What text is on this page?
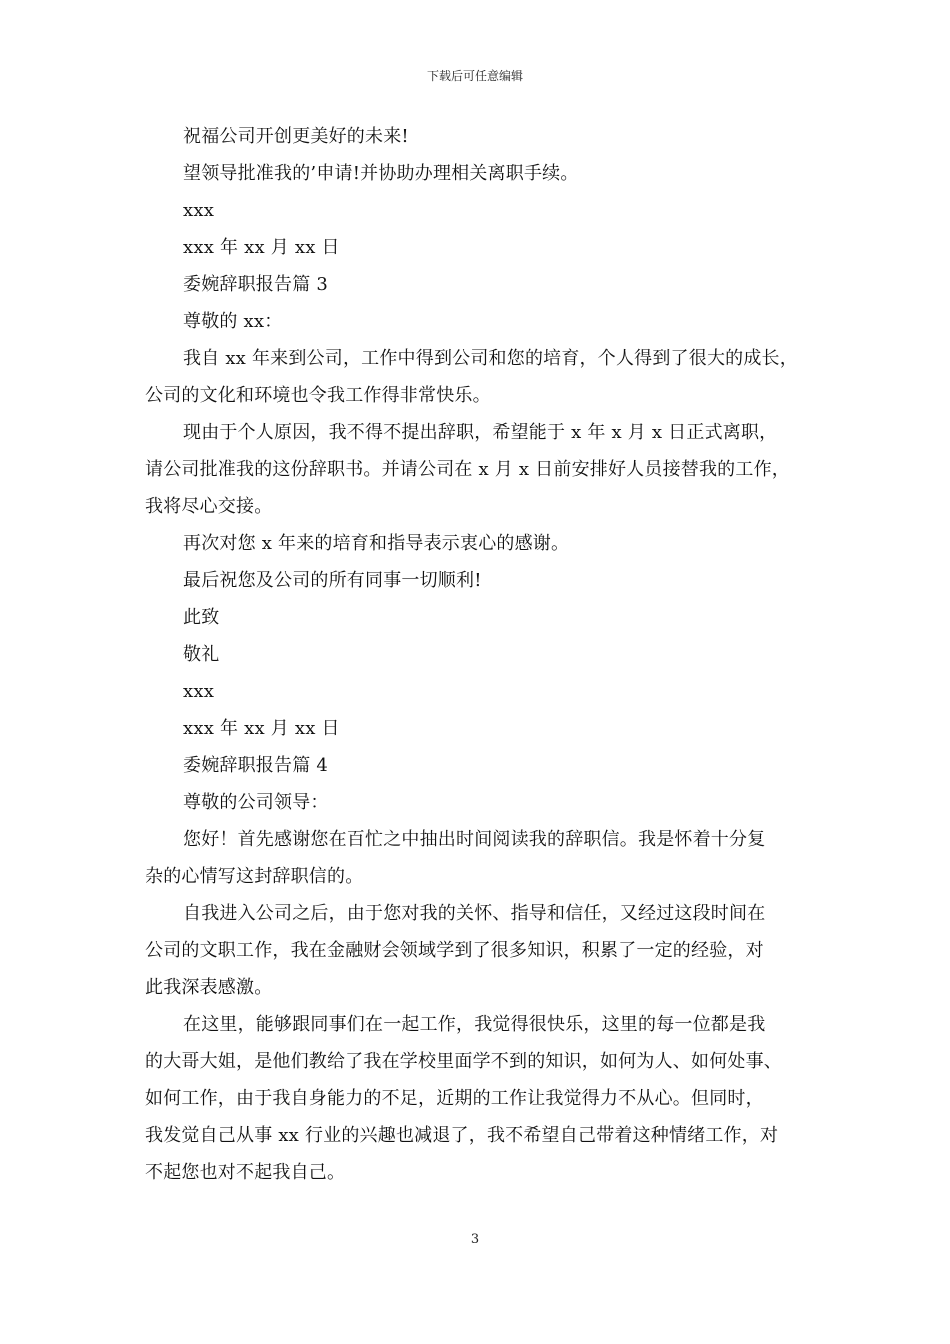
下载后可任意编辑

祝福公司开创更美好的未来!

望领导批准我的’申请!并协助办理相关离职手续。

xxx

xxx 年 xx 月 xx 日

委婉辞职报告篇 3

尊敬的 xx：

我自 xx 年来到公司，工作中得到公司和您的培育，个人得到了很大的成长，

公司的文化和环境也令我工作得非常快乐。

现由于个人原因，我不得不提出辞职，希望能于 x 年 x 月 x 日正式离职，

请公司批准我的这份辞职书。并请公司在 x 月 x 日前安排好人员接替我的工作，

我将尽心交接。

再次对您 x 年来的培育和指导表示衷心的感谢。

最后祝您及公司的所有同事一切顺利!

此致

敬礼

xxx

xxx 年 xx 月 xx 日

委婉辞职报告篇 4

尊敬的公司领导：

您好！首先感谢您在百忙之中抽出时间阅读我的辞职信。我是怀着十分复

杂的心情写这封辞职信的。

自我进入公司之后，由于您对我的关怀、指导和信任，又经过这段时间在

公司的文职工作，我在金融财会领域学到了很多知识，积累了一定的经验，对

此我深表感激。

在这里，能够跟同事们在一起工作，我觉得很快乐，这里的每一位都是我

的大哥大姐，是他们教给了我在学校里面学不到的知识，如何为人、如何处事、

如何工作，由于我自身能力的不足，近期的工作让我觉得力不从心。但同时，

我发觉自己从事 xx 行业的兴趣也减退了，我不希望自己带着这种情绪工作，对

不起您也对不起我自己。

3
